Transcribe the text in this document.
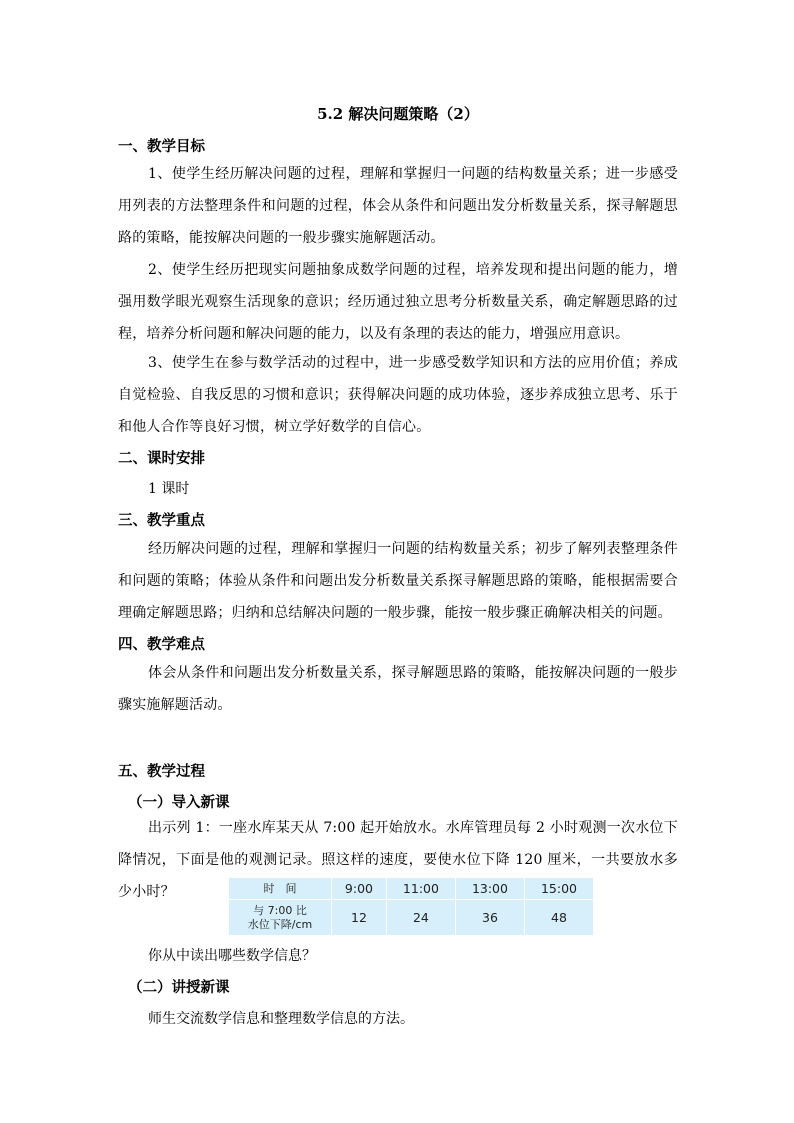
5.2 解决问题策略（2）
一、教学目标
1、使学生经历解决问题的过程，理解和掌握归一问题的结构数量关系；进一步感受用列表的方法整理条件和问题的过程，体会从条件和问题出发分析数量关系，探寻解题思路的策略，能按解决问题的一般步骤实施解题活动。
2、使学生经历把现实问题抽象成数学问题的过程，培养发现和提出问题的能力，增强用数学眼光观察生活现象的意识；经历通过独立思考分析数量关系，确定解题思路的过程，培养分析问题和解决问题的能力，以及有条理的表达的能力，增强应用意识。
3、使学生在参与数学活动的过程中，进一步感受数学知识和方法的应用价值；养成自觉检验、自我反思的习惯和意识；获得解决问题的成功体验，逐步养成独立思考、乐于和他人合作等良好习惯，树立学好数学的自信心。
二、课时安排
1 课时
三、教学重点
经历解决问题的过程，理解和掌握归一问题的结构数量关系；初步了解列表整理条件和问题的策略；体验从条件和问题出发分析数量关系探寻解题思路的策略，能根据需要合理确定解题思路；归纳和总结解决问题的一般步骤，能按一般步骤正确解决相关的问题。
四、教学难点
体会从条件和问题出发分析数量关系，探寻解题思路的策略，能按解决问题的一般步骤实施解题活动。
五、教学过程
（一）导入新课
出示列 1：一座水库某天从 7:00 起开始放水。水库管理员每 2 小时观测一次水位下降情况，下面是他的观测记录。照这样的速度，要使水位下降 120 厘米，一共要放水多少小时？	时　间	9:00	11:00	13:00	15:00

与 7:00 比
水位下降/cm	12	24	36	48
你从中读出哪些数学信息？
（二）讲授新课
师生交流数学信息和整理数学信息的方法。
